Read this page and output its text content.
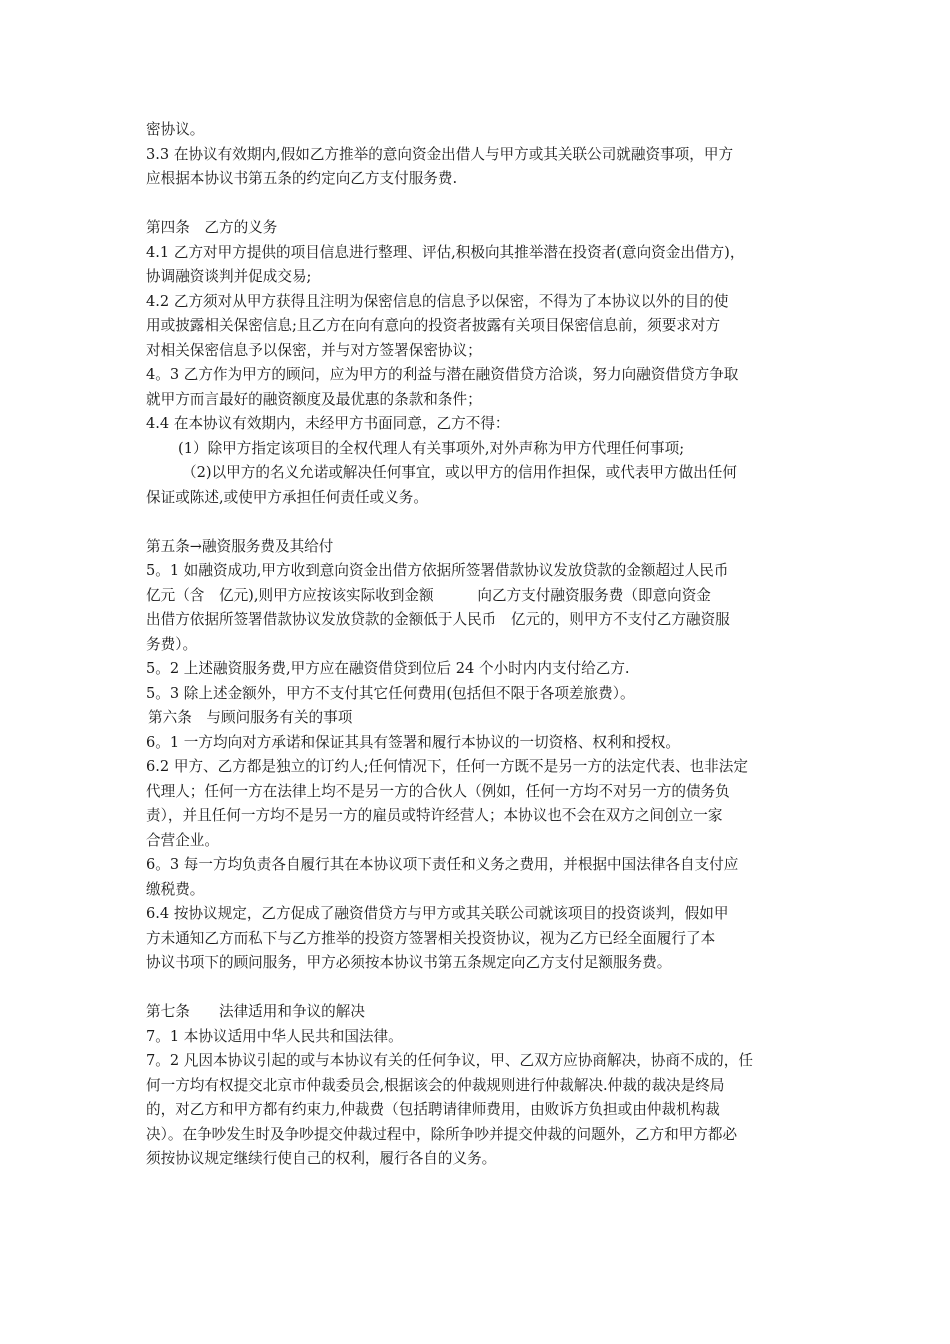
密协议。
3.3 在协议有效期内,假如乙方推举的意向资金出借人与甲方或其关联公司就融资事项，甲方
应根据本协议书第五条的约定向乙方支付服务费.
第四条　乙方的义务
4.1 乙方对甲方提供的项目信息进行整理、评估,积极向其推举潜在投资者(意向资金出借方)，
协调融资谈判并促成交易;
4.2 乙方须对从甲方获得且注明为保密信息的信息予以保密，不得为了本协议以外的目的使
用或披露相关保密信息;且乙方在向有意向的投资者披露有关项目保密信息前，须要求对方
对相关保密信息予以保密，并与对方签署保密协议；
4。3 乙方作为甲方的顾问，应为甲方的利益与潜在融资借贷方洽谈，努力向融资借贷方争取
就甲方而言最好的融资额度及最优惠的条款和条件；
4.4 在本协议有效期内，未经甲方书面同意，乙方不得：
(1）除甲方指定该项目的全权代理人有关事项外,对外声称为甲方代理任何事项;
（2)以甲方的名义允诺或解决任何事宜，或以甲方的信用作担保，或代表甲方做出任何
保证或陈述,或使甲方承担任何责任或义务。
第五条→融资服务费及其给付
5。1 如融资成功,甲方收到意向资金出借方依据所签署借款协议发放贷款的金额超过人民币
亿元（含　亿元),则甲方应按该实际收到金额　　　向乙方支付融资服务费（即意向资金
出借方依据所签署借款协议发放贷款的金额低于人民币　亿元的，则甲方不支付乙方融资服
务费）。
5。2 上述融资服务费,甲方应在融资借贷到位后 24 个小时内内支付给乙方.
5。3 除上述金额外，甲方不支付其它任何费用(包括但不限于各项差旅费）。
第六条　与顾问服务有关的事项
6。1 一方均向对方承诺和保证其具有签署和履行本协议的一切资格、权利和授权。
6.2 甲方、乙方都是独立的订约人;任何情况下，任何一方既不是另一方的法定代表、也非法定
代理人；任何一方在法律上均不是另一方的合伙人（例如，任何一方均不对另一方的债务负
责），并且任何一方均不是另一方的雇员或特许经营人；本协议也不会在双方之间创立一家
合营企业。
6。3 每一方均负责各自履行其在本协议项下责任和义务之费用，并根据中国法律各自支付应
缴税费。
6.4 按协议规定，乙方促成了融资借贷方与甲方或其关联公司就该项目的投资谈判，假如甲
方未通知乙方而私下与乙方推举的投资方签署相关投资协议，视为乙方已经全面履行了本
协议书项下的顾问服务，甲方必须按本协议书第五条规定向乙方支付足额服务费。
第七条　　法律适用和争议的解决
7。1 本协议适用中华人民共和国法律。
7。2 凡因本协议引起的或与本协议有关的任何争议，甲、乙双方应协商解决，协商不成的，任
何一方均有权提交北京市仲裁委员会,根据该会的仲裁规则进行仲裁解决.仲裁的裁决是终局
的，对乙方和甲方都有约束力,仲裁费（包括聘请律师费用，由败诉方负担或由仲裁机构裁
决）。在争吵发生时及争吵提交仲裁过程中，除所争吵并提交仲裁的问题外，乙方和甲方都必
须按协议规定继续行使自己的权利，履行各自的义务。
